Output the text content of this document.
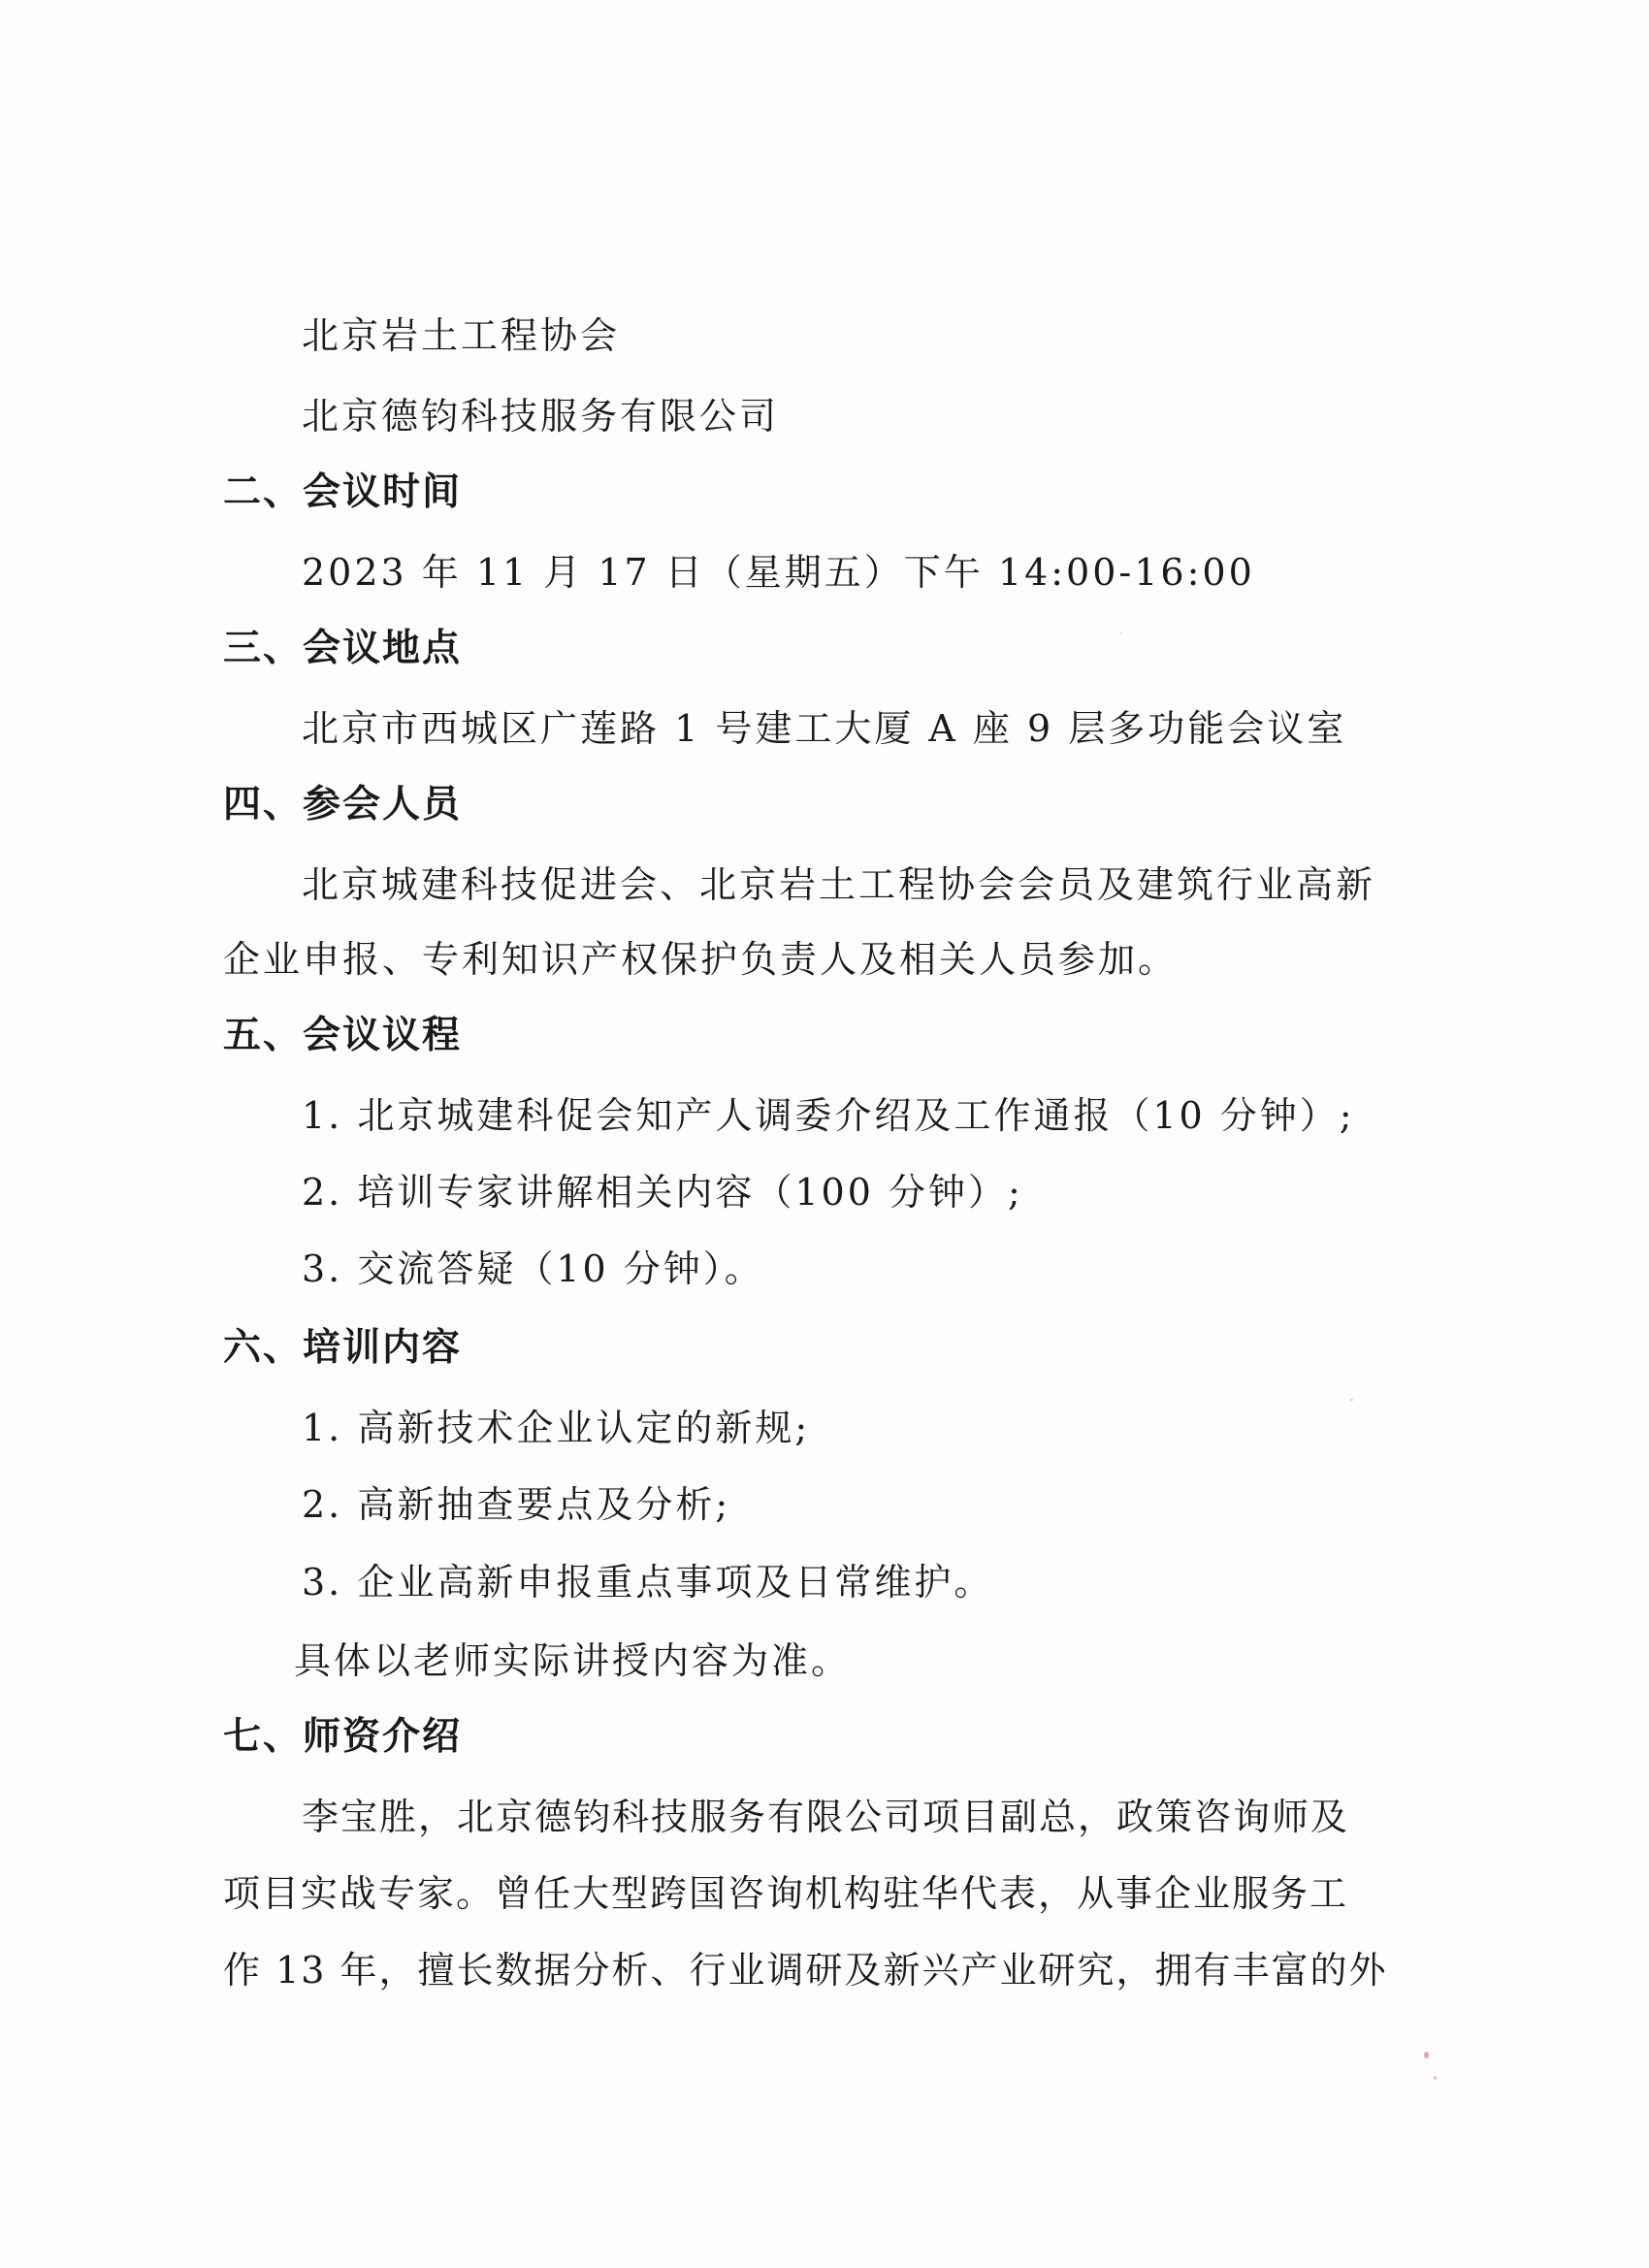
北京岩土工程协会
北京德钧科技服务有限公司
二、会议时间
2023 年 11 月 17 日（星期五）下午 14:00-16:00
三、会议地点
北京市西城区广莲路 1 号建工大厦 A 座 9 层多功能会议室
四、参会人员
北京城建科技促进会、北京岩土工程协会会员及建筑行业高新
企业申报、专利知识产权保护负责人及相关人员参加。
五、会议议程
1. 北京城建科促会知产人调委介绍及工作通报（10 分钟）;
2. 培训专家讲解相关内容（100 分钟）;
3. 交流答疑（10 分钟）。
六、培训内容
1. 高新技术企业认定的新规;
2. 高新抽查要点及分析;
3. 企业高新申报重点事项及日常维护。
具体以老师实际讲授内容为准。
七、师资介绍
李宝胜，北京德钧科技服务有限公司项目副总，政策咨询师及
项目实战专家。曾任大型跨国咨询机构驻华代表，从事企业服务工
作 13 年，擅长数据分析、行业调研及新兴产业研究，拥有丰富的外
